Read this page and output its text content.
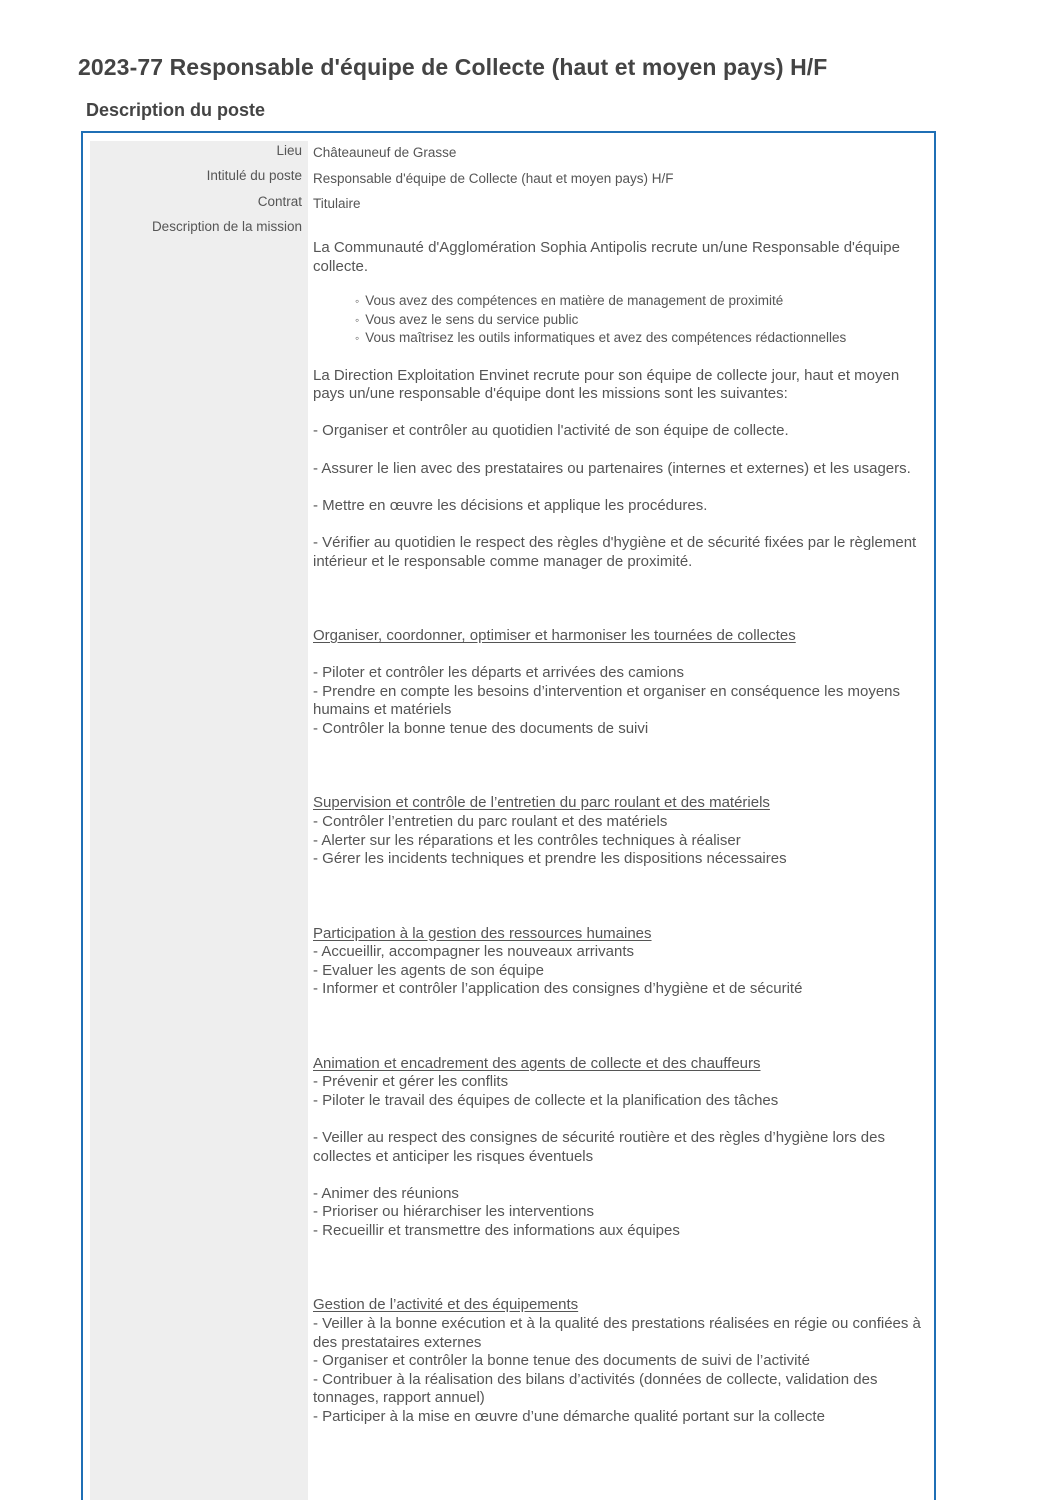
2023-77 Responsable d'équipe de Collecte (haut et moyen pays) H/F
Description du poste
Lieu
Intitulé du poste
Contrat
Description de la mission
Châteauneuf de Grasse
Responsable d'équipe de Collecte (haut et moyen pays) H/F
Titulaire

La Communauté d'Agglomération Sophia Antipolis recrute un/une Responsable d'équipe collecte.

◦ Vous avez des compétences en matière de management de proximité
◦ Vous avez le sens du service public
◦ Vous maîtrisez les outils informatiques et avez des compétences rédactionnelles

La Direction Exploitation Envinet recrute pour son équipe de collecte jour, haut et moyen pays un/une responsable d'équipe dont les missions sont les suivantes:

- Organiser et contrôler au quotidien l'activité de son équipe de collecte.

- Assurer le lien avec des prestataires ou partenaires (internes et externes) et les usagers.

- Mettre en œuvre les décisions et applique les procédures.

- Vérifier au quotidien le respect des règles d'hygiène et de sécurité fixées par le règlement intérieur et le responsable comme manager de proximité.

Organiser, coordonner, optimiser et harmoniser les tournées de collectes

- Piloter et contrôler les départs et arrivées des camions

- Prendre en compte les besoins d’intervention et organiser en conséquence les moyens humains et matériels

- Contrôler la bonne tenue des documents de suivi

Supervision et contrôle de l’entretien du parc roulant et des matériels

- Contrôler l’entretien du parc roulant et des matériels

- Alerter sur les réparations et les contrôles techniques à réaliser

- Gérer les incidents techniques et prendre les dispositions nécessaires

Participation à la gestion des ressources humaines

- Accueillir, accompagner les nouveaux arrivants

- Evaluer les agents de son équipe

- Informer et contrôler l’application des consignes d’hygiène et de sécurité

Animation et encadrement des agents de collecte et des chauffeurs

- Prévenir et gérer les conflits

- Piloter le travail des équipes de collecte et la planification des tâches

- Veiller au respect des consignes de sécurité routière et des règles d’hygiène lors des collectes et anticiper les risques éventuels

- Animer des réunions

- Prioriser ou hiérarchiser les interventions

- Recueillir et transmettre des informations aux équipes

Gestion de l’activité et des équipements

- Veiller à la bonne exécution et à la qualité des prestations réalisées en régie ou confiées à des prestataires externes

- Organiser et contrôler la bonne tenue des documents de suivi de l’activité

- Contribuer à la réalisation des bilans d’activités (données de collecte, validation des tonnages, rapport annuel)

- Participer à la mise en œuvre d’une démarche qualité portant sur la collecte
